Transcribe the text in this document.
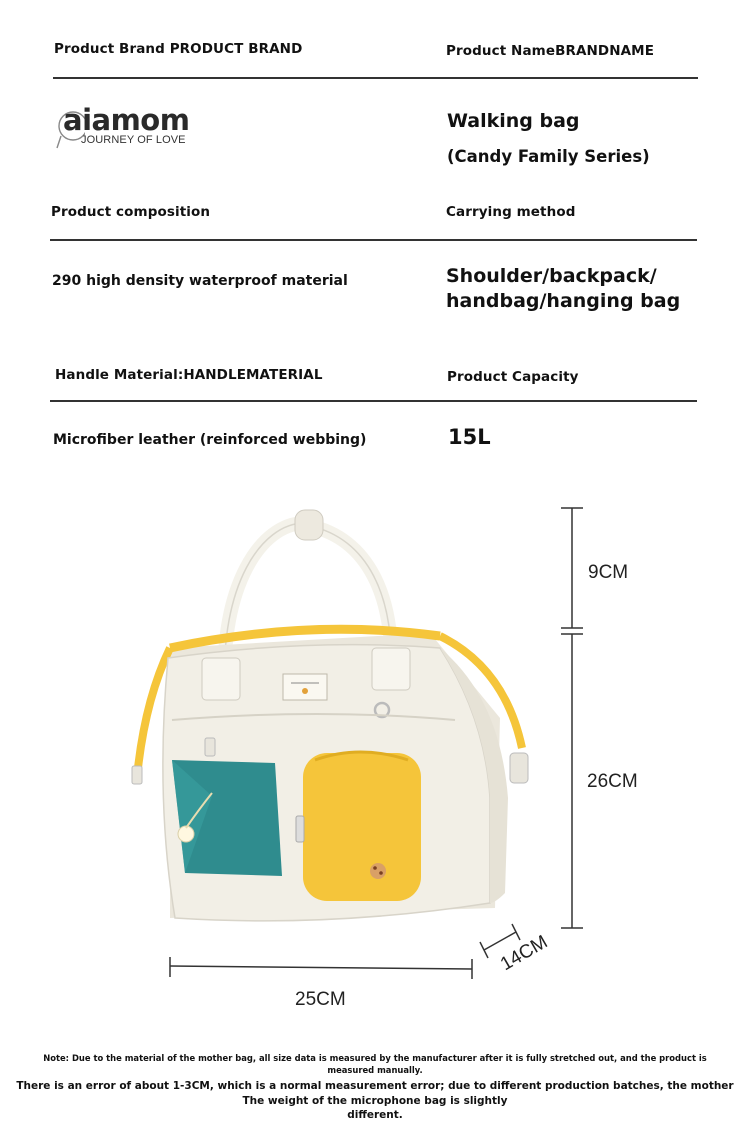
Product Brand PRODUCT BRAND	Product NameBRANDNAME
aiamom
JOURNEY OF LOVE
Walking bag
(Candy Family Series)
Product composition	Carrying method
290 high density waterproof material	Shoulder/backpack/
handbag/hanging bag
Handle Material:HANDLEMATERIAL	Product Capacity
Microfiber leather (reinforced webbing)	15L
9CM
26CM
25CM
14CM
Note: Due to the material of the mother bag, all size data is measured by the manufacturer after it is fully stretched out, and the product is measured manually.
There is an error of about 1-3CM, which is a normal measurement error; due to different production batches, the mother
The weight of the microphone bag is slightly
different.
